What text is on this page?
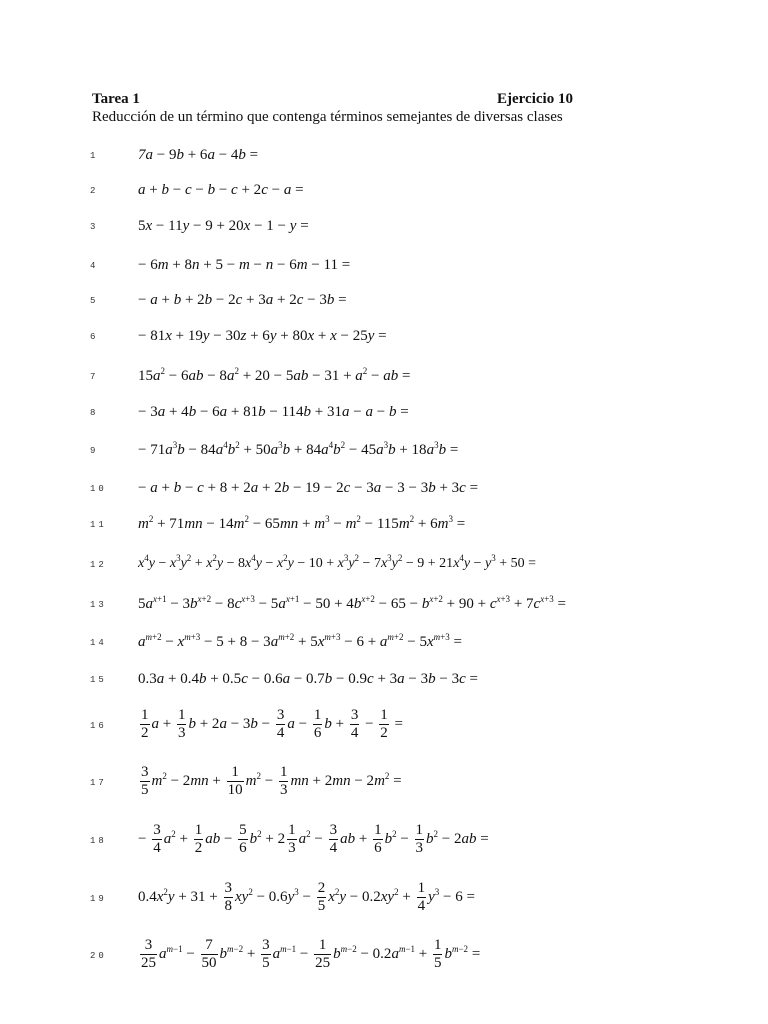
Tarea 1	Ejercicio 10
Reducción de un término que contenga términos semejantes de diversas clases
1	7a − 9b + 6a − 4b =
2	a + b − c − b − c + 2c − a =
3	5x − 11y − 9 + 20x − 1 − y =
4	− 6m + 8n + 5 − m − n − 6m − 11 =
5	− a + b + 2b − 2c + 3a + 2c − 3b =
6	− 81x + 19y − 30z + 6y + 80x + x − 25y =
7	$15a^2 - 6ab - 8a^2 + 20 - 5ab - 31 + a^2$ − ab =
8	− 3a + 4b − 6a + 81b − 114b + 31a − a − b =
9	− $71a^3b - 84a^4b^2 + 50a^3b + 84a^4b^2 - 45a^3b + 18a^3b$ =
10 − a + b − c + 8 + 2a + 2b − 19 − 2c − 3a − 3 − 3b + 3c =
11 $m^2 + 71mn - 14m^2 - 65mn + m^3 - m^2 - 115m^2 + 6m^3$ =
12 $x^4y - x^3y^2 + x^2y - 8x^4y - x^2y - 10 + x^3y^2 - 7x^3y^2 - 9 + 21x^4y - y^3 + 50$ =
13 $5a^{x+1} - 3b^{x+2} - 8c^{x+3} - 5a^{x+1} - 50 + 4b^{x+2} - 65 - b^{x+2} + 90 + c^{x+3} + 7c^{x+3}$ =
14 $a^{m+2} - x^{m+3} - 5 + 8 - 3a^{m+2} + 5x^{m+3} - 6 + a^{m+2} - 5x^{m+3}$ =
15 0.3a + 0.4b + 0.5c − 0.6a − 0.7b − 0.9c + 3a − 3b − 3c =
$16 \frac{1}{2}$ $a + \frac{1}{3}$ $b + 2a - 3b - \frac{3}{4}$ $a - \frac{1}{6}$ $b + \frac{3}{4} - \frac{1}{2}$ =
$17 \frac{3}{5} m^2 - 2mn + \frac{1}{10} m^2 - \frac{1}{3}$ mn + $2mn - 2m^2$ =
$18 - \frac{3}{4} a^2 + \frac{1}{2}$ ab − $\frac{5}{6} b^2 + 2 \frac{1}{3} a^2 - \frac{3}{4}$ ab + $\frac{1}{6} b^2 - \frac{1}{3} b^2 - 2ab$ =
19 $0.4x^2y + 31 + \frac{3}{8} xy^2 - 0.6y^3 - \frac{2}{5} x^2y - 0.2xy^2 + \frac{1}{4} y^3 - 6$ =
$20 \frac{3}{25} a^{m-1} - \frac{7}{50} b^{m-2} + \frac{3}{5} a^{m-1} - \frac{1}{25} b^{m-2} - 0.2a^{m-1} + \frac{1}{5} b^{m-2}$ =
